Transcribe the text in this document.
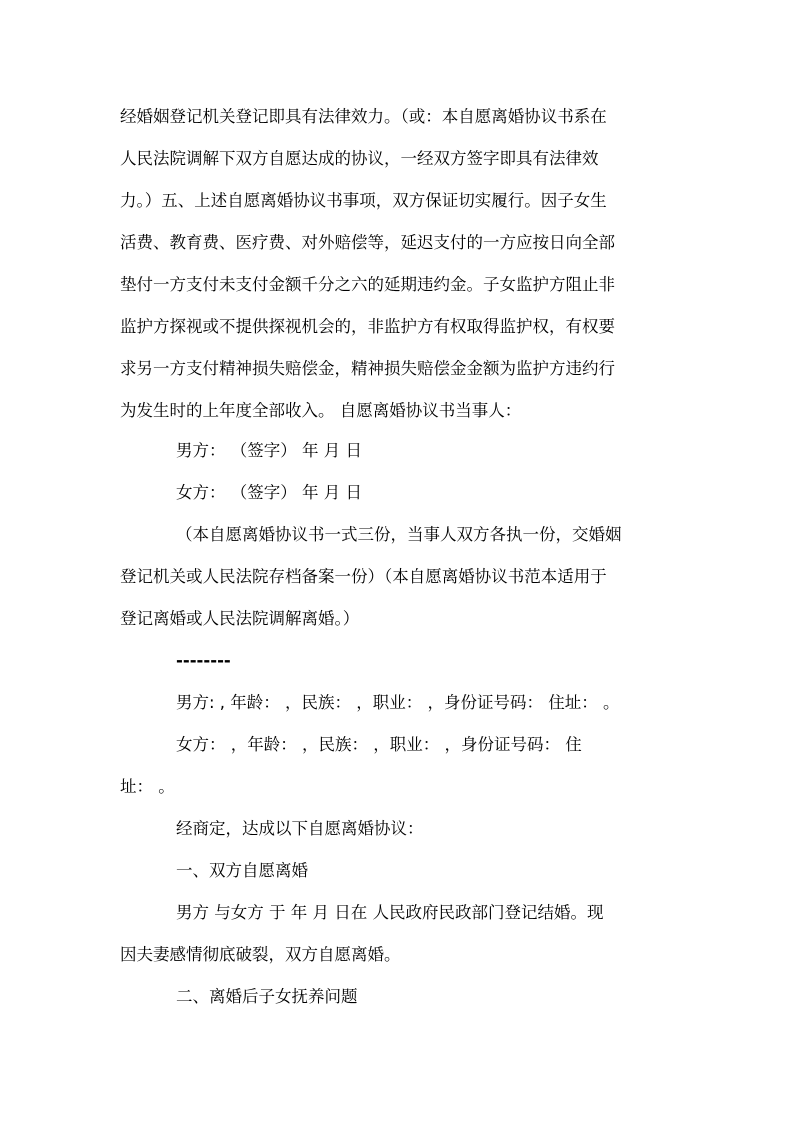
经婚姻登记机关登记即具有法律效力。（或：本自愿离婚协议书系在
人民法院调解下双方自愿达成的协议，一经双方签字即具有法律效
力。）五、上述自愿离婚协议书事项，双方保证切实履行。因子女生
活费、教育费、医疗费、对外赔偿等，延迟支付的一方应按日向全部
垫付一方支付未支付金额千分之六的延期违约金。子女监护方阻止非
监护方探视或不提供探视机会的，非监护方有权取得监护权，有权要
求另一方支付精神损失赔偿金，精神损失赔偿金金额为监护方违约行
为发生时的上年度全部收入。 自愿离婚协议书当事人：
男方： （签字） 年 月 日
女方： （签字） 年 月 日
（本自愿离婚协议书一式三份，当事人双方各执一份，交婚姻
登记机关或人民法院存档备案一份）（本自愿离婚协议书范本适用于
登记离婚或人民法院调解离婚。）
--------
男方: , 年龄： ，民族： ，职业： ，身份证号码： 住址： 。
女方： ，年龄： ，民族： ，职业： ，身份证号码： 住
址： 。
经商定，达成以下自愿离婚协议：
一、双方自愿离婚
男方 与女方 于 年 月 日在 人民政府民政部门登记结婚。现
因夫妻感情彻底破裂，双方自愿离婚。
二、离婚后子女抚养问题
